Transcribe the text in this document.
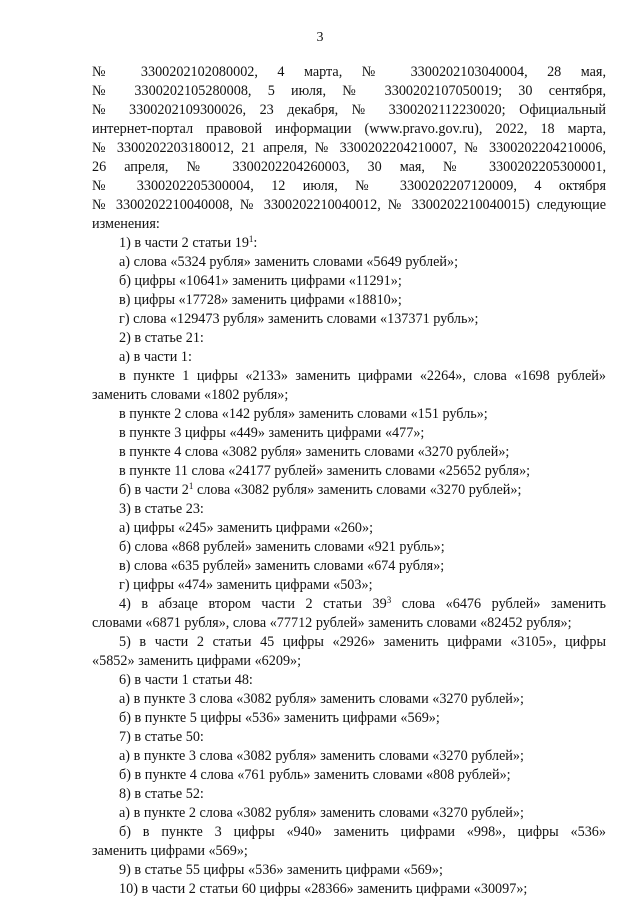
3
№ 3300202102080002, 4 марта, № 3300202103040004, 28 мая,
№ 3300202105280008, 5 июля, № 3300202107050019; 30 сентября,
№ 3300202109300026, 23 декабря, № 3300202112230020; Официальный
интернет-портал правовой информации (www.pravo.gov.ru), 2022, 18 марта,
№ 3300202203180012, 21 апреля, № 3300202204210007, № 3300202204210006,
26 апреля, № 3300202204260003, 30 мая, № 3300202205300001,
№ 3300202205300004, 12 июля, № 3300202207120009, 4 октября
№ 3300202210040008, № 3300202210040012, № 3300202210040015) следующие
изменения:
1) в части 2 статьи $19^1$:
а) слова «5324 рубля» заменить словами «5649 рублей»;
б) цифры «10641» заменить цифрами «11291»;
в) цифры «17728» заменить цифрами «18810»;
г) слова «129473 рубля» заменить словами «137371 рубль»;
2) в статье 21:
а) в части 1:
в пункте 1 цифры «2133» заменить цифрами «2264», слова «1698 рублей»
заменить словами «1802 рубля»;
в пункте 2 слова «142 рубля» заменить словами «151 рубль»;
в пункте 3 цифры «449» заменить цифрами «477»;
в пункте 4 слова «3082 рубля» заменить словами «3270 рублей»;
в пункте 11 слова «24177 рублей» заменить словами «25652 рубля»;
б) в части $2^1$ слова «3082 рубля» заменить словами «3270 рублей»;
3) в статье 23:
а) цифры «245» заменить цифрами «260»;
б) слова «868 рублей» заменить словами «921 рубль»;
в) слова «635 рублей» заменить словами «674 рубля»;
г) цифры «474» заменить цифрами «503»;
4) в абзаце втором части 2 статьи $39^3$ слова «6476 рублей» заменить
словами «6871 рубля», слова «77712 рублей» заменить словами «82452 рубля»;
5) в части 2 статьи 45 цифры «2926» заменить цифрами «3105», цифры
«5852» заменить цифрами «6209»;
6) в части 1 статьи 48:
а) в пункте 3 слова «3082 рубля» заменить словами «3270 рублей»;
б) в пункте 5 цифры «536» заменить цифрами «569»;
7) в статье 50:
а) в пункте 3 слова «3082 рубля» заменить словами «3270 рублей»;
б) в пункте 4 слова «761 рубль» заменить словами «808 рублей»;
8) в статье 52:
а) в пункте 2 слова «3082 рубля» заменить словами «3270 рублей»;
б) в пункте 3 цифры «940» заменить цифрами «998», цифры «536»
заменить цифрами «569»;
9) в статье 55 цифры «536» заменить цифрами «569»;
10) в части 2 статьи 60 цифры «28366» заменить цифрами «30097»;
